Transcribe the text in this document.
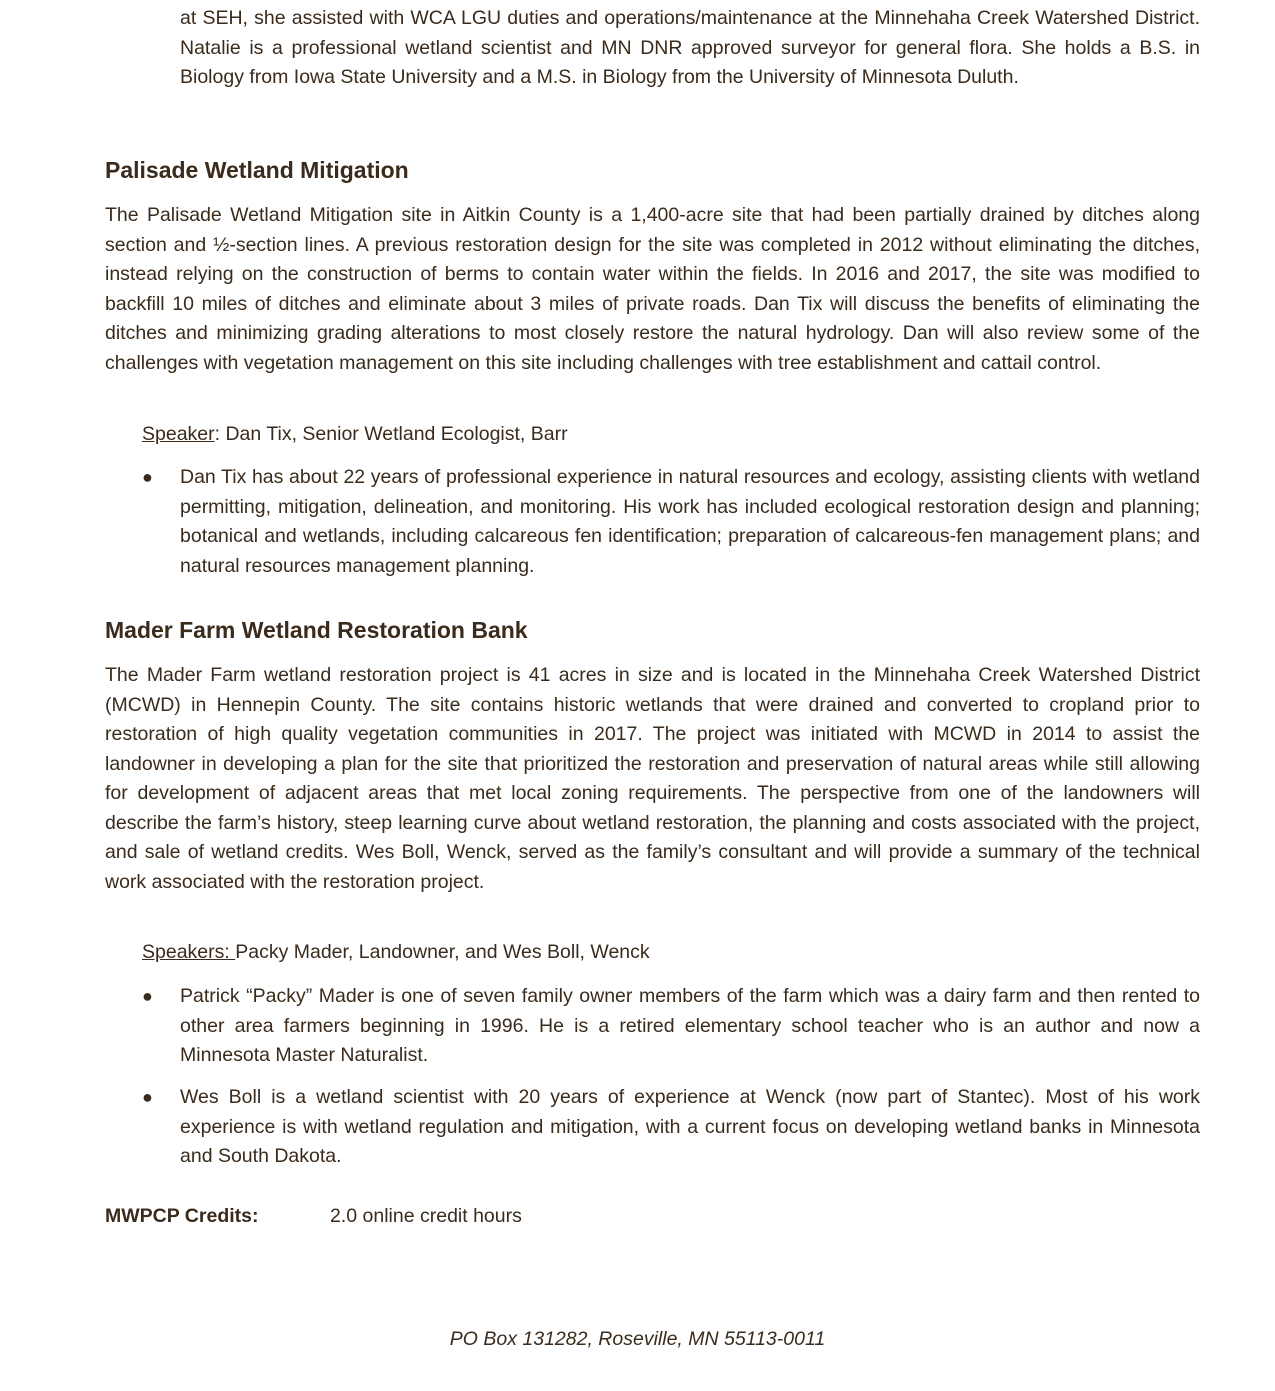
at SEH, she assisted with WCA LGU duties and operations/maintenance at the Minnehaha Creek Watershed District. Natalie is a professional wetland scientist and MN DNR approved surveyor for general flora. She holds a B.S. in Biology from Iowa State University and a M.S. in Biology from the University of Minnesota Duluth.

Palisade Wetland Mitigation

The Palisade Wetland Mitigation site in Aitkin County is a 1,400-acre site that had been partially drained by ditches along section and ½-section lines. A previous restoration design for the site was completed in 2012 without eliminating the ditches, instead relying on the construction of berms to contain water within the fields. In 2016 and 2017, the site was modified to backfill 10 miles of ditches and eliminate about 3 miles of private roads. Dan Tix will discuss the benefits of eliminating the ditches and minimizing grading alterations to most closely restore the natural hydrology. Dan will also review some of the challenges with vegetation management on this site including challenges with tree establishment and cattail control.

Speaker: Dan Tix, Senior Wetland Ecologist, Barr

● Dan Tix has about 22 years of professional experience in natural resources and ecology, assisting clients with wetland permitting, mitigation, delineation, and monitoring. His work has included ecological restoration design and planning; botanical and wetlands, including calcareous fen identification; preparation of calcareous-fen management plans; and natural resources management planning.

Mader Farm Wetland Restoration Bank

The Mader Farm wetland restoration project is 41 acres in size and is located in the Minnehaha Creek Watershed District (MCWD) in Hennepin County. The site contains historic wetlands that were drained and converted to cropland prior to restoration of high quality vegetation communities in 2017. The project was initiated with MCWD in 2014 to assist the landowner in developing a plan for the site that prioritized the restoration and preservation of natural areas while still allowing for development of adjacent areas that met local zoning requirements. The perspective from one of the landowners will describe the farm’s history, steep learning curve about wetland restoration, the planning and costs associated with the project, and sale of wetland credits. Wes Boll, Wenck, served as the family’s consultant and will provide a summary of the technical work associated with the restoration project.

Speakers: Packy Mader, Landowner, and Wes Boll, Wenck

● Patrick “Packy” Mader is one of seven family owner members of the farm which was a dairy farm and then rented to other area farmers beginning in 1996. He is a retired elementary school teacher who is an author and now a Minnesota Master Naturalist.

● Wes Boll is a wetland scientist with 20 years of experience at Wenck (now part of Stantec). Most of his work experience is with wetland regulation and mitigation, with a current focus on developing wetland banks in Minnesota and South Dakota.

MWPCP Credits:	2.0 online credit hours
PO Box 131282, Roseville, MN 55113-0011
